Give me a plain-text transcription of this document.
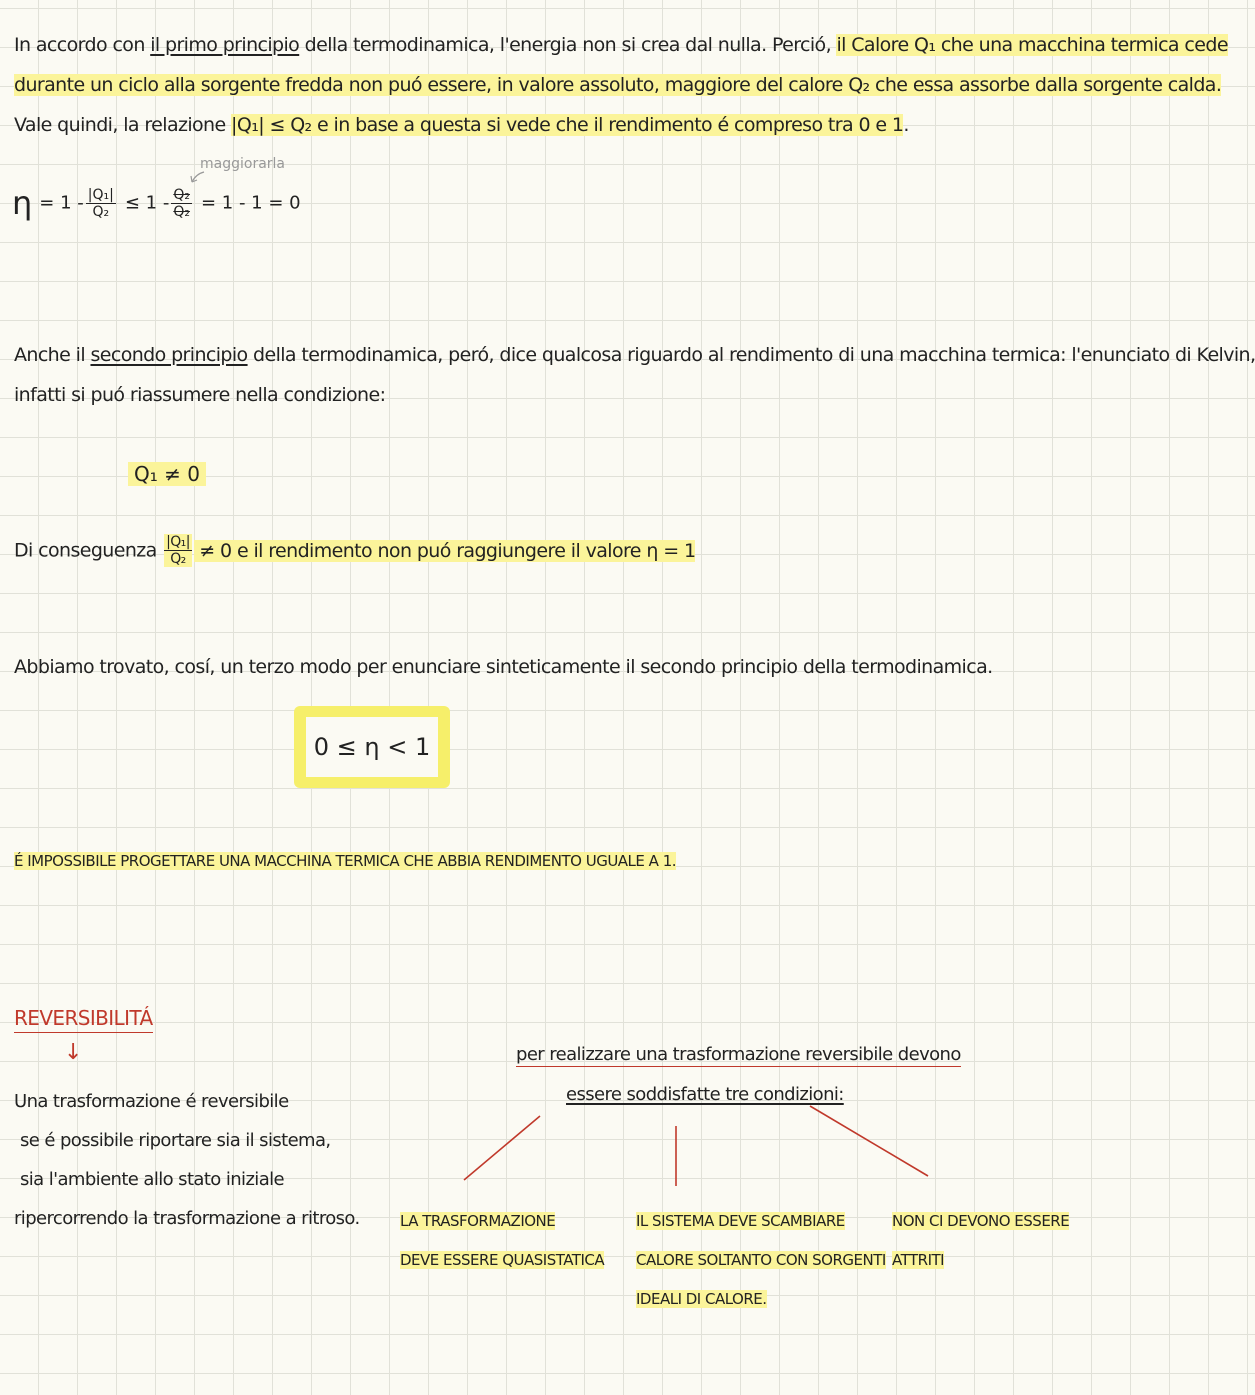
In accordo con il primo principio della termodinamica, l'energia non si crea dal nulla. Perció, il Calore Q₁ che una macchina termica cede
durante un ciclo alla sorgente fredda non puó essere, in valore assoluto, maggiore del calore Q₂ che essa assorbe dalla sorgente calda.
Vale quindi, la relazione |Q₁| ≤ Q₂ e in base a questa si vede che il rendimento é compreso tra 0 e 1.
maggiorarla
$\eta = 1 - \frac{\text{|Q₁|}}{\text{Q₂}} \le 1 - \frac{\text{Q₂}}{\text{Q₂}} = 1 - 1 = 0$
Anche il secondo principio della termodinamica, peró, dice qualcosa riguardo al rendimento di una macchina termica: l'enunciato di Kelvin,
infatti si puó riassumere nella condizione:
Q₁ ≠ 0
Di conseguenza $\frac{\text{|Q₁|}}{\text{Q₂}} \ne 0$ e il rendimento non puó raggiungere il valore η = 1
Abbiamo trovato, cosí, un terzo modo per enunciare sinteticamente il secondo principio della termodinamica.
0 ≤ η < 1
É IMPOSSIBILE PROGETTARE UNA MACCHINA TERMICA CHE ABBIA RENDIMENTO UGUALE A 1.
REVERSIBILITÁ
↓
Una trasformazione é reversibile
se é possibile riportare sia il sistema,
sia l'ambiente allo stato iniziale
ripercorrendo la trasformazione a ritroso.
per realizzare una trasformazione reversibile devono
essere soddisfatte tre condizioni:
LA TRASFORMAZIONE
DEVE ESSERE QUASISTATICA
IL SISTEMA DEVE SCAMBIARE
CALORE SOLTANTO CON SORGENTI
IDEALI DI CALORE.
NON CI DEVONO ESSERE
ATTRITI
